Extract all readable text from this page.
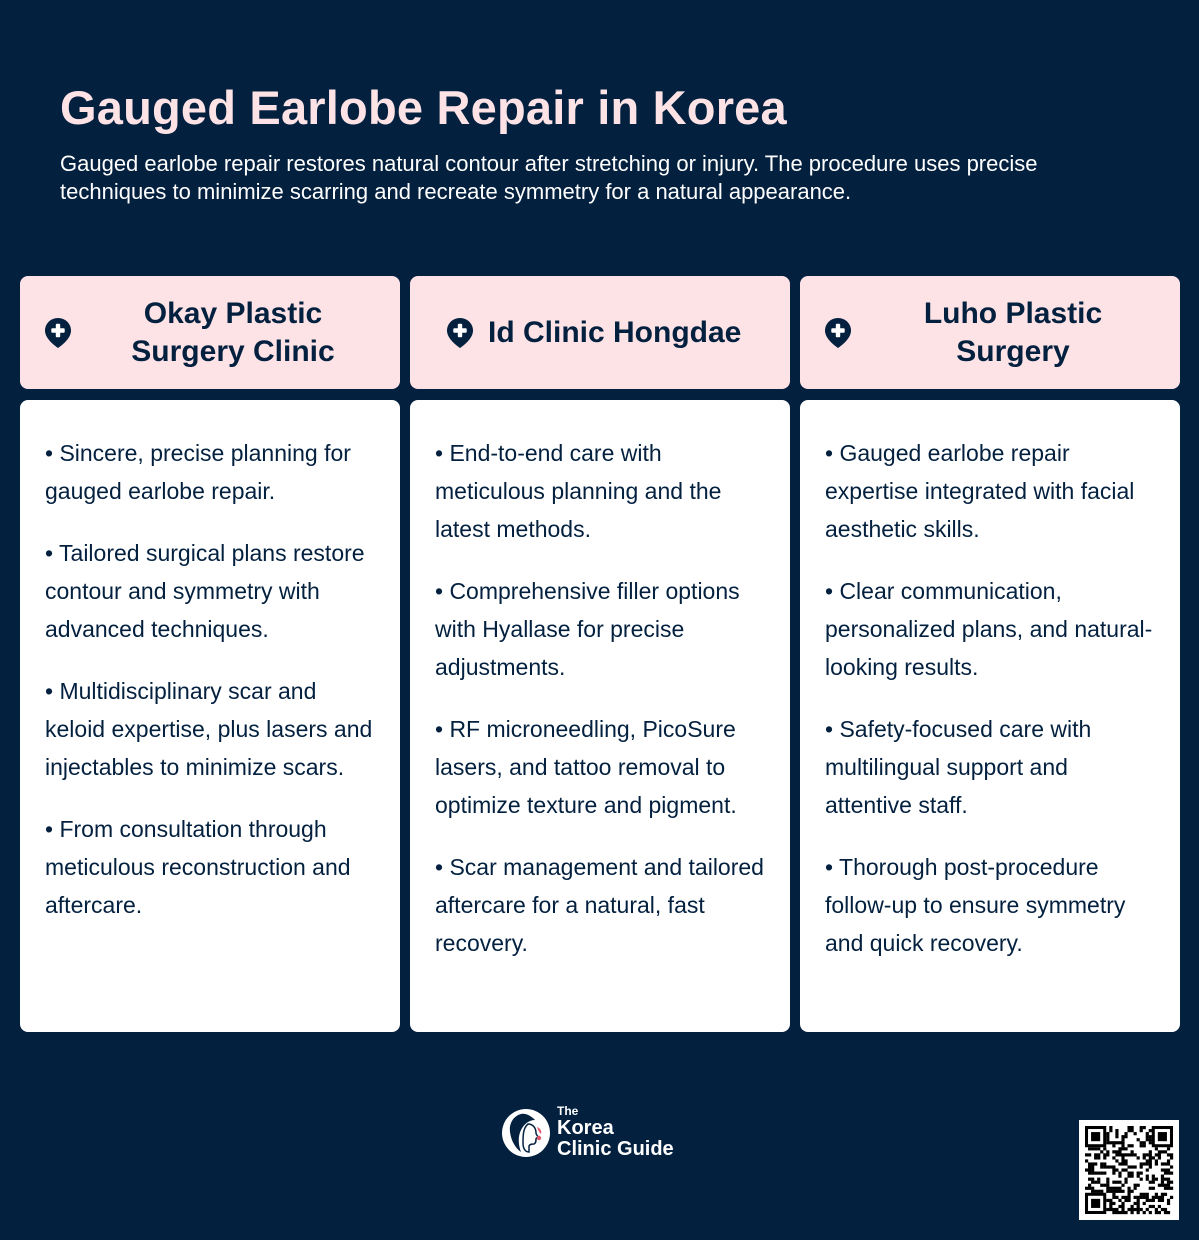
Gauged Earlobe Repair in Korea

Gauged earlobe repair restores natural contour after stretching or injury. The procedure uses precise techniques to minimize scarring and recreate symmetry for a natural appearance.

Okay Plastic
Surgery Clinic
Id Clinic Hongdae
Luho Plastic
Surgery

• Sincere, precise planning for gauged earlobe repair.

• Tailored surgical plans restore contour and symmetry with advanced techniques.

• Multidisciplinary scar and keloid expertise, plus lasers and injectables to minimize scars.

• From consultation through meticulous reconstruction and aftercare.

• End-to-end care with meticulous planning and the latest methods.

• Comprehensive filler options with Hyallase for precise adjustments.

• RF microneedling, PicoSure lasers, and tattoo removal to optimize texture and pigment.

• Scar management and tailored aftercare for a natural, fast recovery.

• Gauged earlobe repair expertise integrated with facial aesthetic skills.

• Clear communication, personalized plans, and natural-looking results.

• Safety-focused care with multilingual support and attentive staff.

• Thorough post-procedure follow-up to ensure symmetry and quick recovery.

The
Korea
Clinic Guide
